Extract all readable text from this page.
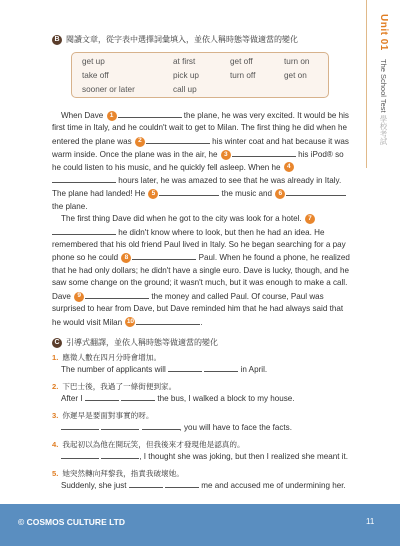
Unit 01
The School Test 學校考試
B 閱讀文章，從字表中選擇詞彙填入，並依人稱時態等做適當的變化
get up	at first	get off	turn on
take off	pick up	turn off	get on
sooner or later	call up

When Dave 1	the plane, he was very excited. It would be his first time in Italy, and he couldn't wait to get to Milan. The first thing he did when he entered the plane was 2	his winter coat and hat because it was warm inside. Once the plane was in the air, he 3	his iPod® so he could listen to his music, and he quickly fell asleep. When he 4 hours later, he was amazed to see that he was already in Italy. The plane had landed! He 5	the music and 6 the plane.

The first thing Dave did when he got to the city was look for a hotel. 7 he didn't know where to look, but then he had an idea. He remembered that his old friend Paul lived in Italy. So he began searching for a pay phone so he could 8	Paul. When he found a phone, he realized that he had only dollars; he didn't have a single euro. Dave is lucky, though, and he saw some change on the ground; it wasn't much, but it was enough to make a call. Dave 9	the money and called Paul. Of course, Paul was surprised to hear from Dave, but Dave reminded him that he had always said that he would visit Milan 10	.

C 引導式翻譯，並依人稱時態等做適當的變化
1. 應徵人數在四月分時會增加。
The number of applicants will	in April.
2. 下巴士後，我過了一條街便到家。
After I	the bus, I walked a block to my house.
3. 你遲早是要面對事實的呀。
, you will have to face the facts.
4. 我起初以為他在開玩笑，但我後來才發現他是認真的。
, I thought she was joking, but then I realized she meant it.
5. 她突然轉向拜黎我，指責我破壞她。
Suddenly, she just	me and accused me of undermining her.
© COSMOS CULTURE LTD	11
